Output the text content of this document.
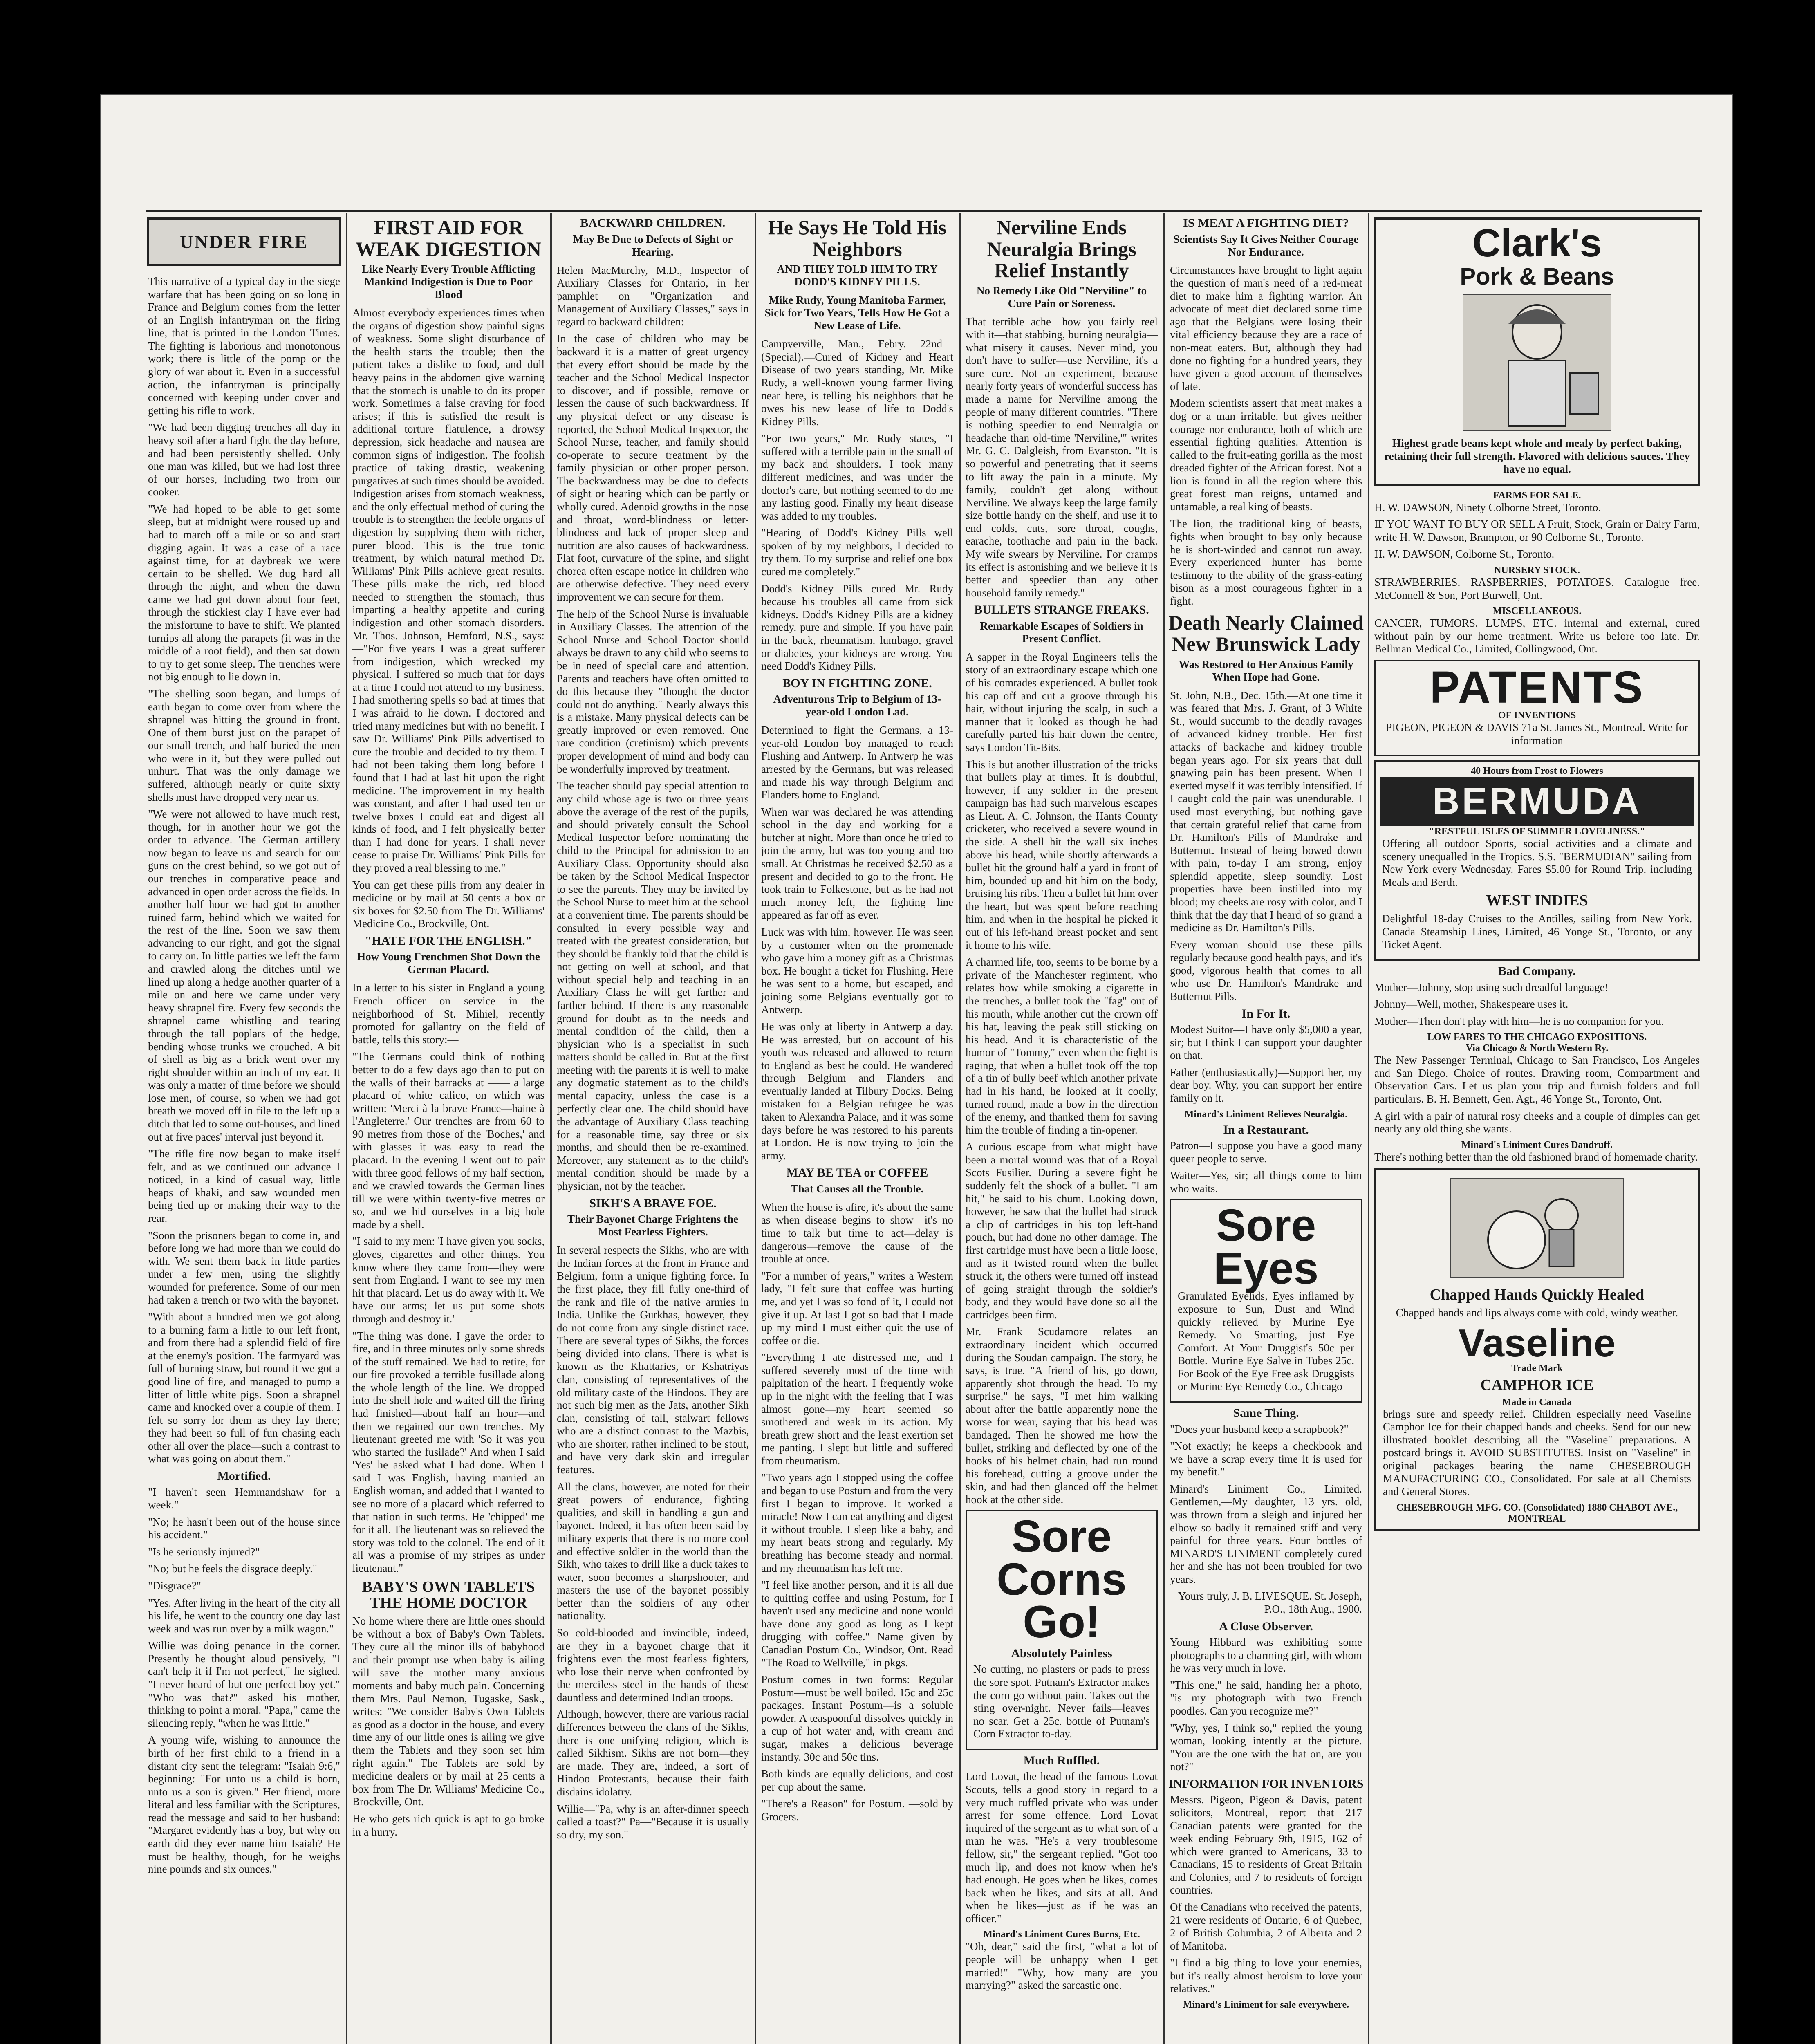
UNDER FIRE

This narrative of a typical day in the siege warfare that has been going on so long in France and Belgium comes from the letter of an English infantryman on the firing line, that is printed in the London Times. The fighting is laborious and monotonous work; there is little of the pomp or the glory of war about it. Even in a successful action, the infantryman is principally concerned with keeping under cover and getting his rifle to work.

"We had been digging trenches all day in heavy soil after a hard fight the day before, and had been persistently shelled. Only one man was killed, but we had lost three of our horses, including two from our cooker.

"We had hoped to be able to get some sleep, but at midnight were roused up and had to march off a mile or so and start digging again. It was a case of a race against time, for at daybreak we were certain to be shelled. We dug hard all through the night, and when the dawn came we had got down about four feet, through the stickiest clay I have ever had the misfortune to have to shift. We planted turnips all along the parapets (it was in the middle of a root field), and then sat down to try to get some sleep. The trenches were not big enough to lie down in.

"The shelling soon began, and lumps of earth began to come over from where the shrapnel was hitting the ground in front. One of them burst just on the parapet of our small trench, and half buried the men who were in it, but they were pulled out unhurt. That was the only damage we suffered, although nearly or quite sixty shells must have dropped very near us.

"We were not allowed to have much rest, though, for in another hour we got the order to advance. The German artillery now began to leave us and search for our guns on the crest behind, so we got out of our trenches in comparative peace and advanced in open order across the fields. In another half hour we had got to another ruined farm, behind which we waited for the rest of the line. Soon we saw them advancing to our right, and got the signal to carry on. In little parties we left the farm and crawled along the ditches until we lined up along a hedge another quarter of a mile on and here we came under very heavy shrapnel fire. Every few seconds the shrapnel came whistling and tearing through the tall poplars of the hedge, bending whose trunks we crouched. A bit of shell as big as a brick went over my right shoulder within an inch of my ear. It was only a matter of time before we should lose men, of course, so when we had got breath we moved off in file to the left up a ditch that led to some out-houses, and lined out at five paces' interval just beyond it.

"The rifle fire now began to make itself felt, and as we continued our advance I noticed, in a kind of casual way, little heaps of khaki, and saw wounded men being tied up or making their way to the rear.

"Soon the prisoners began to come in, and before long we had more than we could do with. We sent them back in little parties under a few men, using the slightly wounded for preference. Some of our men had taken a trench or two with the bayonet.

"With about a hundred men we got along to a burning farm a little to our left front, and from there had a splendid field of fire at the enemy's position. The farmyard was full of burning straw, but round it we got a good line of fire, and managed to pump a litter of little white pigs. Soon a shrapnel came and knocked over a couple of them. I felt so sorry for them as they lay there; they had been so full of fun chasing each other all over the place—such a contrast to what was going on about them."

Mortified.

"I haven't seen Hemmandshaw for a week."

"No; he hasn't been out of the house since his accident."

"Is he seriously injured?"

"No; but he feels the disgrace deeply."

"Disgrace?"

"Yes. After living in the heart of the city all his life, he went to the country one day last week and was run over by a milk wagon."

Willie was doing penance in the corner. Presently he thought aloud pensively, "I can't help it if I'm not perfect," he sighed. "I never heard of but one perfect boy yet." "Who was that?" asked his mother, thinking to point a moral. "Papa," came the silencing reply, "when he was little."

A young wife, wishing to announce the birth of her first child to a friend in a distant city sent the telegram: "Isaiah 9:6," beginning: "For unto us a child is born, unto us a son is given." Her friend, more literal and less familiar with the Scriptures, read the message and said to her husband: "Margaret evidently has a boy, but why on earth did they ever name him Isaiah? He must be healthy, though, for he weighs nine pounds and six ounces."

FIRST AID FOR WEAK DIGESTION
Like Nearly Every Trouble Afflicting Mankind Indigestion is Due to Poor Blood

Almost everybody experiences times when the organs of digestion show painful signs of weakness. Some slight disturbance of the health starts the trouble; then the patient takes a dislike to food, and dull heavy pains in the abdomen give warning that the stomach is unable to do its proper work. Sometimes a false craving for food arises; if this is satisfied the result is additional torture—flatulence, a drowsy depression, sick headache and nausea are common signs of indigestion. The foolish practice of taking drastic, weakening purgatives at such times should be avoided. Indigestion arises from stomach weakness, and the only effectual method of curing the trouble is to strengthen the feeble organs of digestion by supplying them with richer, purer blood. This is the true tonic treatment, by which natural method Dr. Williams' Pink Pills achieve great results. These pills make the rich, red blood needed to strengthen the stomach, thus imparting a healthy appetite and curing indigestion and other stomach disorders. Mr. Thos. Johnson, Hemford, N.S., says:—"For five years I was a great sufferer from indigestion, which wrecked my physical. I suffered so much that for days at a time I could not attend to my business. I had smothering spells so bad at times that I was afraid to lie down. I doctored and tried many medicines but with no benefit. I saw Dr. Williams' Pink Pills advertised to cure the trouble and decided to try them. I had not been taking them long before I found that I had at last hit upon the right medicine. The improvement in my health was constant, and after I had used ten or twelve boxes I could eat and digest all kinds of food, and I felt physically better than I had done for years. I shall never cease to praise Dr. Williams' Pink Pills for they proved a real blessing to me."

You can get these pills from any dealer in medicine or by mail at 50 cents a box or six boxes for $2.50 from The Dr. Williams' Medicine Co., Brockville, Ont.

"HATE FOR THE ENGLISH."
How Young Frenchmen Shot Down the German Placard.

In a letter to his sister in England a young French officer on service in the neighborhood of St. Mihiel, recently promoted for gallantry on the field of battle, tells this story:—

"The Germans could think of nothing better to do a few days ago than to put on the walls of their barracks at —— a large placard of white calico, on which was written: 'Merci à la brave France—haine à l'Angleterre.' Our trenches are from 60 to 90 metres from those of the 'Boches,' and with glasses it was easy to read the placard. In the evening I went out to pair with three good fellows of my half section, and we crawled towards the German lines till we were within twenty-five metres or so, and we hid ourselves in a big hole made by a shell.

"I said to my men: 'I have given you socks, gloves, cigarettes and other things. You know where they came from—they were sent from England. I want to see my men hit that placard. Let us do away with it. We have our arms; let us put some shots through and destroy it.'

"The thing was done. I gave the order to fire, and in three minutes only some shreds of the stuff remained. We had to retire, for our fire provoked a terrible fusillade along the whole length of the line. We dropped into the shell hole and waited till the firing had finished—about half an hour—and then we regained our own trenches. My lieutenant greeted me with 'So it was you who started the fusilade?' And when I said 'Yes' he asked what I had done. When I said I was English, having married an English woman, and added that I wanted to see no more of a placard which referred to that nation in such terms. He 'chipped' me for it all. The lieutenant was so relieved the story was told to the colonel. The end of it all was a promise of my stripes as under lieutenant."

BABY'S OWN TABLETS THE HOME DOCTOR

No home where there are little ones should be without a box of Baby's Own Tablets. They cure all the minor ills of babyhood and their prompt use when baby is ailing will save the mother many anxious moments and baby much pain. Concerning them Mrs. Paul Nemon, Tugaske, Sask., writes: "We consider Baby's Own Tablets as good as a doctor in the house, and every time any of our little ones is ailing we give them the Tablets and they soon set him right again." The Tablets are sold by medicine dealers or by mail at 25 cents a box from The Dr. Williams' Medicine Co., Brockville, Ont.

He who gets rich quick is apt to go broke in a hurry.

BACKWARD CHILDREN.
May Be Due to Defects of Sight or Hearing.

Helen MacMurchy, M.D., Inspector of Auxiliary Classes for Ontario, in her pamphlet on "Organization and Management of Auxiliary Classes," says in regard to backward children:—

In the case of children who may be backward it is a matter of great urgency that every effort should be made by the teacher and the School Medical Inspector to discover, and if possible, remove or lessen the cause of such backwardness. If any physical defect or any disease is reported, the School Medical Inspector, the School Nurse, teacher, and family should co-operate to secure treatment by the family physician or other proper person. The backwardness may be due to defects of sight or hearing which can be partly or wholly cured. Adenoid growths in the nose and throat, word-blindness or letter-blindness and lack of proper sleep and nutrition are also causes of backwardness. Flat foot, curvature of the spine, and slight chorea often escape notice in children who are otherwise defective. They need every improvement we can secure for them.

The help of the School Nurse is invaluable in Auxiliary Classes. The attention of the School Nurse and School Doctor should always be drawn to any child who seems to be in need of special care and attention. Parents and teachers have often omitted to do this because they "thought the doctor could not do anything." Nearly always this is a mistake. Many physical defects can be greatly improved or even removed. One rare condition (cretinism) which prevents proper development of mind and body can be wonderfully improved by treatment.

The teacher should pay special attention to any child whose age is two or three years above the average of the rest of the pupils, and should privately consult the School Medical Inspector before nominating the child to the Principal for admission to an Auxiliary Class. Opportunity should also be taken by the School Medical Inspector to see the parents. They may be invited by the School Nurse to meet him at the school at a convenient time. The parents should be consulted in every possible way and treated with the greatest consideration, but they should be frankly told that the child is not getting on well at school, and that without special help and teaching in an Auxiliary Class he will get farther and farther behind. If there is any reasonable ground for doubt as to the needs and mental condition of the child, then a physician who is a specialist in such matters should be called in. But at the first meeting with the parents it is well to make any dogmatic statement as to the child's mental capacity, unless the case is a perfectly clear one. The child should have the advantage of Auxiliary Class teaching for a reasonable time, say three or six months, and should then be re-examined. Moreover, any statement as to the child's mental condition should be made by a physician, not by the teacher.

SIKH'S A BRAVE FOE.
Their Bayonet Charge Frightens the Most Fearless Fighters.

In several respects the Sikhs, who are with the Indian forces at the front in France and Belgium, form a unique fighting force. In the first place, they fill fully one-third of the rank and file of the native armies in India. Unlike the Gurkhas, however, they do not come from any single distinct race. There are several types of Sikhs, the forces being divided into clans. There is what is known as the Khattaries, or Kshatriyas clan, consisting of representatives of the old military caste of the Hindoos. They are not such big men as the Jats, another Sikh clan, consisting of tall, stalwart fellows who are a distinct contrast to the Mazbis, who are shorter, rather inclined to be stout, and have very dark skin and irregular features.

All the clans, however, are noted for their great powers of endurance, fighting qualities, and skill in handling a gun and bayonet. Indeed, it has often been said by military experts that there is no more cool and effective soldier in the world than the Sikh, who takes to drill like a duck takes to water, soon becomes a sharpshooter, and masters the use of the bayonet possibly better than the soldiers of any other nationality.

So cold-blooded and invincible, indeed, are they in a bayonet charge that it frightens even the most fearless fighters, who lose their nerve when confronted by the merciless steel in the hands of these dauntless and determined Indian troops.

Although, however, there are various racial differences between the clans of the Sikhs, there is one unifying religion, which is called Sikhism. Sikhs are not born—they are made. They are, indeed, a sort of Hindoo Protestants, because their faith disdains idolatry.

Willie—"Pa, why is an after-dinner speech called a toast?" Pa—"Because it is usually so dry, my son."

He Says He Told His Neighbors
AND THEY TOLD HIM TO TRY DODD'S KIDNEY PILLS.
Mike Rudy, Young Manitoba Farmer, Sick for Two Years, Tells How He Got a New Lease of Life.

Campverville, Man., Febry. 22nd—(Special).—Cured of Kidney and Heart Disease of two years standing, Mr. Mike Rudy, a well-known young farmer living near here, is telling his neighbors that he owes his new lease of life to Dodd's Kidney Pills.

"For two years," Mr. Rudy states, "I suffered with a terrible pain in the small of my back and shoulders. I took many different medicines, and was under the doctor's care, but nothing seemed to do me any lasting good. Finally my heart disease was added to my troubles.

"Hearing of Dodd's Kidney Pills well spoken of by my neighbors, I decided to try them. To my surprise and relief one box cured me completely."

Dodd's Kidney Pills cured Mr. Rudy because his troubles all came from sick kidneys. Dodd's Kidney Pills are a kidney remedy, pure and simple. If you have pain in the back, rheumatism, lumbago, gravel or diabetes, your kidneys are wrong. You need Dodd's Kidney Pills.

BOY IN FIGHTING ZONE.
Adventurous Trip to Belgium of 13-year-old London Lad.

Determined to fight the Germans, a 13-year-old London boy managed to reach Flushing and Antwerp. In Antwerp he was arrested by the Germans, but was released and made his way through Belgium and Flanders home to England.

When war was declared he was attending school in the day and working for a butcher at night. More than once he tried to join the army, but was too young and too small. At Christmas he received $2.50 as a present and decided to go to the front. He took train to Folkestone, but as he had not much money left, the fighting line appeared as far off as ever.

Luck was with him, however. He was seen by a customer when on the promenade who gave him a money gift as a Christmas box. He bought a ticket for Flushing. Here he was sent to a home, but escaped, and joining some Belgians eventually got to Antwerp.

He was only at liberty in Antwerp a day. He was arrested, but on account of his youth was released and allowed to return to England as best he could. He wandered through Belgium and Flanders and eventually landed at Tilbury Docks. Being mistaken for a Belgian refugee he was taken to Alexandra Palace, and it was some days before he was restored to his parents at London. He is now trying to join the army.

MAY BE TEA or COFFEE
That Causes all the Trouble.

When the house is afire, it's about the same as when disease begins to show—it's no time to talk but time to act—delay is dangerous—remove the cause of the trouble at once.

"For a number of years," writes a Western lady, "I felt sure that coffee was hurting me, and yet I was so fond of it, I could not give it up. At last I got so bad that I made up my mind I must either quit the use of coffee or die.

"Everything I ate distressed me, and I suffered severely most of the time with palpitation of the heart. I frequently woke up in the night with the feeling that I was almost gone—my heart seemed so smothered and weak in its action. My breath grew short and the least exertion set me panting. I slept but little and suffered from rheumatism.

"Two years ago I stopped using the coffee and began to use Postum and from the very first I began to improve. It worked a miracle! Now I can eat anything and digest it without trouble. I sleep like a baby, and my heart beats strong and regularly. My breathing has become steady and normal, and my rheumatism has left me.

"I feel like another person, and it is all due to quitting coffee and using Postum, for I haven't used any medicine and none would have done any good as long as I kept drugging with coffee." Name given by Canadian Postum Co., Windsor, Ont. Read "The Road to Wellville," in pkgs.

Postum comes in two forms: Regular Postum—must be well boiled. 15c and 25c packages. Instant Postum—is a soluble powder. A teaspoonful dissolves quickly in a cup of hot water and, with cream and sugar, makes a delicious beverage instantly. 30c and 50c tins.

Both kinds are equally delicious, and cost per cup about the same.

"There's a Reason" for Postum. —sold by Grocers.

Nerviline Ends Neuralgia Brings Relief Instantly
No Remedy Like Old "Nerviline" to Cure Pain or Soreness.

That terrible ache—how you fairly reel with it—that stabbing, burning neuralgia—what misery it causes. Never mind, you don't have to suffer—use Nerviline, it's a sure cure. Not an experiment, because nearly forty years of wonderful success has made a name for Nerviline among the people of many different countries. "There is nothing speedier to end Neuralgia or headache than old-time 'Nerviline,'" writes Mr. G. C. Dalgleish, from Evanston. "It is so powerful and penetrating that it seems to lift away the pain in a minute. My family, couldn't get along without Nerviline. We always keep the large family size bottle handy on the shelf, and use it to end colds, cuts, sore throat, coughs, earache, toothache and pain in the back. My wife swears by Nerviline. For cramps its effect is astonishing and we believe it is better and speedier than any other household family remedy."

BULLETS STRANGE FREAKS.
Remarkable Escapes of Soldiers in Present Conflict.

A sapper in the Royal Engineers tells the story of an extraordinary escape which one of his comrades experienced. A bullet took his cap off and cut a groove through his hair, without injuring the scalp, in such a manner that it looked as though he had carefully parted his hair down the centre, says London Tit-Bits.

This is but another illustration of the tricks that bullets play at times. It is doubtful, however, if any soldier in the present campaign has had such marvelous escapes as Lieut. A. C. Johnson, the Hants County cricketer, who received a severe wound in the side. A shell hit the wall six inches above his head, while shortly afterwards a bullet hit the ground half a yard in front of him, bounded up and hit him on the body, bruising his ribs. Then a bullet hit him over the heart, but was spent before reaching him, and when in the hospital he picked it out of his left-hand breast pocket and sent it home to his wife.

A charmed life, too, seems to be borne by a private of the Manchester regiment, who relates how while smoking a cigarette in the trenches, a bullet took the "fag" out of his mouth, while another cut the crown off his hat, leaving the peak still sticking on his head. And it is characteristic of the humor of "Tommy," even when the fight is raging, that when a bullet took off the top of a tin of bully beef which another private had in his hand, he looked at it coolly, turned round, made a bow in the direction of the enemy, and thanked them for saving him the trouble of finding a tin-opener.

A curious escape from what might have been a mortal wound was that of a Royal Scots Fusilier. During a severe fight he suddenly felt the shock of a bullet. "I am hit," he said to his chum. Looking down, however, he saw that the bullet had struck a clip of cartridges in his top left-hand pouch, but had done no other damage. The first cartridge must have been a little loose, and as it twisted round when the bullet struck it, the others were turned off instead of going straight through the soldier's body, and they would have done so all the cartridges been firm.

Mr. Frank Scudamore relates an extraordinary incident which occurred during the Soudan campaign. The story, he says, is true. "A friend of his, go down, apparently shot through the head. To my surprise," he says, "I met him walking about after the battle apparently none the worse for wear, saying that his head was bandaged. Then he showed me how the bullet, striking and deflected by one of the hooks of his helmet chain, had run round his forehead, cutting a groove under the skin, and had then glanced off the helmet hook at the other side.

Sore Corns Go!
Absolutely Painless

No cutting, no plasters or pads to press the sore spot. Putnam's Extractor makes the corn go without pain. Takes out the sting over-night. Never fails—leaves no scar. Get a 25c. bottle of Putnam's Corn Extractor to-day.

Much Ruffled.

Lord Lovat, the head of the famous Lovat Scouts, tells a good story in regard to a very much ruffled private who was under arrest for some offence. Lord Lovat inquired of the sergeant as to what sort of a man he was. "He's a very troublesome fellow, sir," the sergeant replied. "Got too much lip, and does not know when he's had enough. He goes when he likes, comes back when he likes, and sits at all. And when he likes—just as if he was an officer."

Minard's Liniment Cures Burns, Etc.

"Oh, dear," said the first, "what a lot of people will be unhappy when I get married!" "Why, how many are you marrying?" asked the sarcastic one.

IS MEAT A FIGHTING DIET?
Scientists Say It Gives Neither Courage Nor Endurance.

Circumstances have brought to light again the question of man's need of a red-meat diet to make him a fighting warrior. An advocate of meat diet declared some time ago that the Belgians were losing their vital efficiency because they are a race of non-meat eaters. But, although they had done no fighting for a hundred years, they have given a good account of themselves of late.

Modern scientists assert that meat makes a dog or a man irritable, but gives neither courage nor endurance, both of which are essential fighting qualities. Attention is called to the fruit-eating gorilla as the most dreaded fighter of the African forest. Not a lion is found in all the region where this great forest man reigns, untamed and untamable, a real king of beasts.

The lion, the traditional king of beasts, fights when brought to bay only because he is short-winded and cannot run away. Every experienced hunter has borne testimony to the ability of the grass-eating bison as a most courageous fighter in a fight.

Death Nearly Claimed New Brunswick Lady
Was Restored to Her Anxious Family When Hope had Gone.

St. John, N.B., Dec. 15th.—At one time it was feared that Mrs. J. Grant, of 3 White St., would succumb to the deadly ravages of advanced kidney trouble. Her first attacks of backache and kidney trouble began years ago. For six years that dull gnawing pain has been present. When I exerted myself it was terribly intensified. If I caught cold the pain was unendurable. I used most everything, but nothing gave that certain grateful relief that came from Dr. Hamilton's Pills of Mandrake and Butternut. Instead of being bowed down with pain, to-day I am strong, enjoy splendid appetite, sleep soundly. Lost properties have been instilled into my blood; my cheeks are rosy with color, and I think that the day that I heard of so grand a medicine as Dr. Hamilton's Pills.

Every woman should use these pills regularly because good health pays, and it's good, vigorous health that comes to all who use Dr. Hamilton's Mandrake and Butternut Pills.

In For It.

Modest Suitor—I have only $5,000 a year, sir; but I think I can support your daughter on that.

Father (enthusiastically)—Support her, my dear boy. Why, you can support her entire family on it.

Minard's Liniment Relieves Neuralgia.
In a Restaurant.

Patron—I suppose you have a good many queer people to serve.

Waiter—Yes, sir; all things come to him who waits.

Sore Eyes

Granulated Eyelids, Eyes inflamed by exposure to Sun, Dust and Wind quickly relieved by Murine Eye Remedy. No Smarting, just Eye Comfort. At Your Druggist's 50c per Bottle. Murine Eye Salve in Tubes 25c. For Book of the Eye Free ask Druggists or Murine Eye Remedy Co., Chicago

Same Thing.

"Does your husband keep a scrapbook?"

"Not exactly; he keeps a checkbook and we have a scrap every time it is used for my benefit."

Minard's Liniment Co., Limited. Gentlemen,—My daughter, 13 yrs. old, was thrown from a sleigh and injured her elbow so badly it remained stiff and very painful for three years. Four bottles of MINARD'S LINIMENT completely cured her and she has not been troubled for two years.

Yours truly, J. B. LIVESQUE. St. Joseph, P.O., 18th Aug., 1900.

A Close Observer.

Young Hibbard was exhibiting some photographs to a charming girl, with whom he was very much in love.

"This one," he said, handing her a photo, "is my photograph with two French poodles. Can you recognize me?"

"Why, yes, I think so," replied the young woman, looking intently at the picture. "You are the one with the hat on, are you not?"

INFORMATION FOR INVENTORS

Messrs. Pigeon, Pigeon & Davis, patent solicitors, Montreal, report that 217 Canadian patents were granted for the week ending February 9th, 1915, 162 of which were granted to Americans, 33 to Canadians, 15 to residents of Great Britain and Colonies, and 7 to residents of foreign countries.

Of the Canadians who received the patents, 21 were residents of Ontario, 6 of Quebec, 2 of British Columbia, 2 of Alberta and 2 of Manitoba.

"I find a big thing to love your enemies, but it's really almost heroism to love your relatives."

Minard's Liniment for sale everywhere.
Clark's
Pork & Beans

Highest grade beans kept whole and mealy by perfect baking, retaining their full strength. Flavored with delicious sauces. They have no equal.

FARMS FOR SALE.

H. W. DAWSON, Ninety Colborne Street, Toronto.

IF YOU WANT TO BUY OR SELL A Fruit, Stock, Grain or Dairy Farm, write H. W. Dawson, Brampton, or 90 Colborne St., Toronto.

H. W. DAWSON, Colborne St., Toronto.

NURSERY STOCK.

STRAWBERRIES, RASPBERRIES, POTATOES. Catalogue free. McConnell & Son, Port Burwell, Ont.

MISCELLANEOUS.

CANCER, TUMORS, LUMPS, ETC. internal and external, cured without pain by our home treatment. Write us before too late. Dr. Bellman Medical Co., Limited, Collingwood, Ont.

PATENTS
OF INVENTIONS

PIGEON, PIGEON & DAVIS 71a St. James St., Montreal. Write for information

40 Hours from Frost to Flowers
BERMUDA
"RESTFUL ISLES OF SUMMER LOVELINESS."

Offering all outdoor Sports, social activities and a climate and scenery unequalled in the Tropics. S.S. "BERMUDIAN" sailing from New York every Wednesday. Fares $5.00 for Round Trip, including Meals and Berth.

WEST INDIES

Delightful 18-day Cruises to the Antilles, sailing from New York. Canada Steamship Lines, Limited, 46 Yonge St., Toronto, or any Ticket Agent.

Bad Company.

Mother—Johnny, stop using such dreadful language!

Johnny—Well, mother, Shakespeare uses it.

Mother—Then don't play with him—he is no companion for you.

LOW FARES TO THE CHICAGO EXPOSITIONS.
Via Chicago & North Western Ry.

The New Passenger Terminal, Chicago to San Francisco, Los Angeles and San Diego. Choice of routes. Drawing room, Compartment and Observation Cars. Let us plan your trip and furnish folders and full particulars. B. H. Bennett, Gen. Agt., 46 Yonge St., Toronto, Ont.

A girl with a pair of natural rosy cheeks and a couple of dimples can get nearly any old thing she wants.

Minard's Liniment Cures Dandruff.

There's nothing better than the old fashioned brand of homemade charity.

Chapped Hands Quickly Healed

Chapped hands and lips always come with cold, windy weather.

Vaseline
Trade Mark
CAMPHOR ICE
Made in Canada

brings sure and speedy relief. Children especially need Vaseline Camphor Ice for their chapped hands and cheeks. Send for our new illustrated booklet describing all the "Vaseline" preparations. A postcard brings it. AVOID SUBSTITUTES. Insist on "Vaseline" in original packages bearing the name CHESEBROUGH MANUFACTURING CO., Consolidated. For sale at all Chemists and General Stores.

CHESEBROUGH MFG. CO. (Consolidated) 1880 CHABOT AVE., MONTREAL
